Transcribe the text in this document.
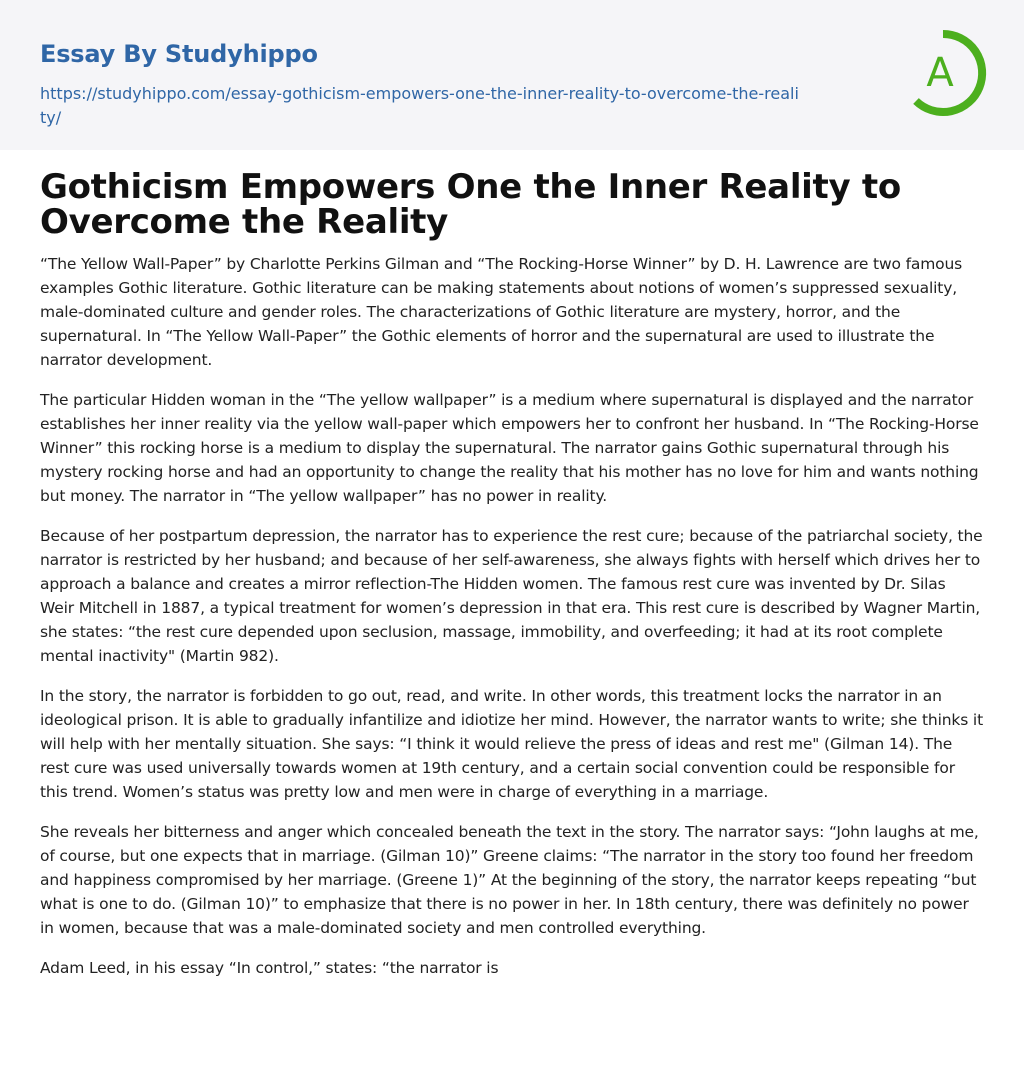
Essay By Studyhippo
https://studyhippo.com/essay-gothicism-empowers-one-the-inner-reality-to-overcome-the-reality/
A
Gothicism Empowers One the Inner Reality to Overcome the Reality

“The Yellow Wall-Paper” by Charlotte Perkins Gilman and “The Rocking-Horse Winner” by D. H. Lawrence are two famous examples Gothic literature. Gothic literature can be making statements about notions of women’s suppressed sexuality, male-dominated culture and gender roles. The characterizations of Gothic literature are mystery, horror, and the supernatural. In “The Yellow Wall-Paper” the Gothic elements of horror and the supernatural are used to illustrate the narrator development.

The particular Hidden woman in the “The yellow wallpaper” is a medium where supernatural is displayed and the narrator establishes her inner reality via the yellow wall-paper which empowers her to confront her husband. In “The Rocking-Horse Winner” this rocking horse is a medium to display the supernatural. The narrator gains Gothic supernatural through his mystery rocking horse and had an opportunity to change the reality that his mother has no love for him and wants nothing but money. The narrator in “The yellow wallpaper” has no power in reality.

Because of her postpartum depression, the narrator has to experience the rest cure; because of the patriarchal society, the narrator is restricted by her husband; and because of her self-awareness, she always fights with herself which drives her to approach a balance and creates a mirror reflection-The Hidden women. The famous rest cure was invented by Dr. Silas Weir Mitchell in 1887, a typical treatment for women’s depression in that era. This rest cure is described by Wagner Martin, she states: “the rest cure depended upon seclusion, massage, immobility, and overfeeding; it had at its root complete mental inactivity" (Martin 982).

In the story, the narrator is forbidden to go out, read, and write. In other words, this treatment locks the narrator in an ideological prison. It is able to gradually infantilize and idiotize her mind. However, the narrator wants to write; she thinks it will help with her mentally situation. She says: “I think it would relieve the press of ideas and rest me" (Gilman 14). The rest cure was used universally towards women at 19th century, and a certain social convention could be responsible for this trend. Women’s status was pretty low and men were in charge of everything in a marriage.

She reveals her bitterness and anger which concealed beneath the text in the story. The narrator says: “John laughs at me, of course, but one expects that in marriage. (Gilman 10)” Greene claims: “The narrator in the story too found her freedom and happiness compromised by her marriage. (Greene 1)” At the beginning of the story, the narrator keeps repeating “but what is one to do. (Gilman 10)” to emphasize that there is no power in her. In 18th century, there was definitely no power in women, because that was a male-dominated society and men controlled everything.

Adam Leed, in his essay “In control,” states: “the narrator is
